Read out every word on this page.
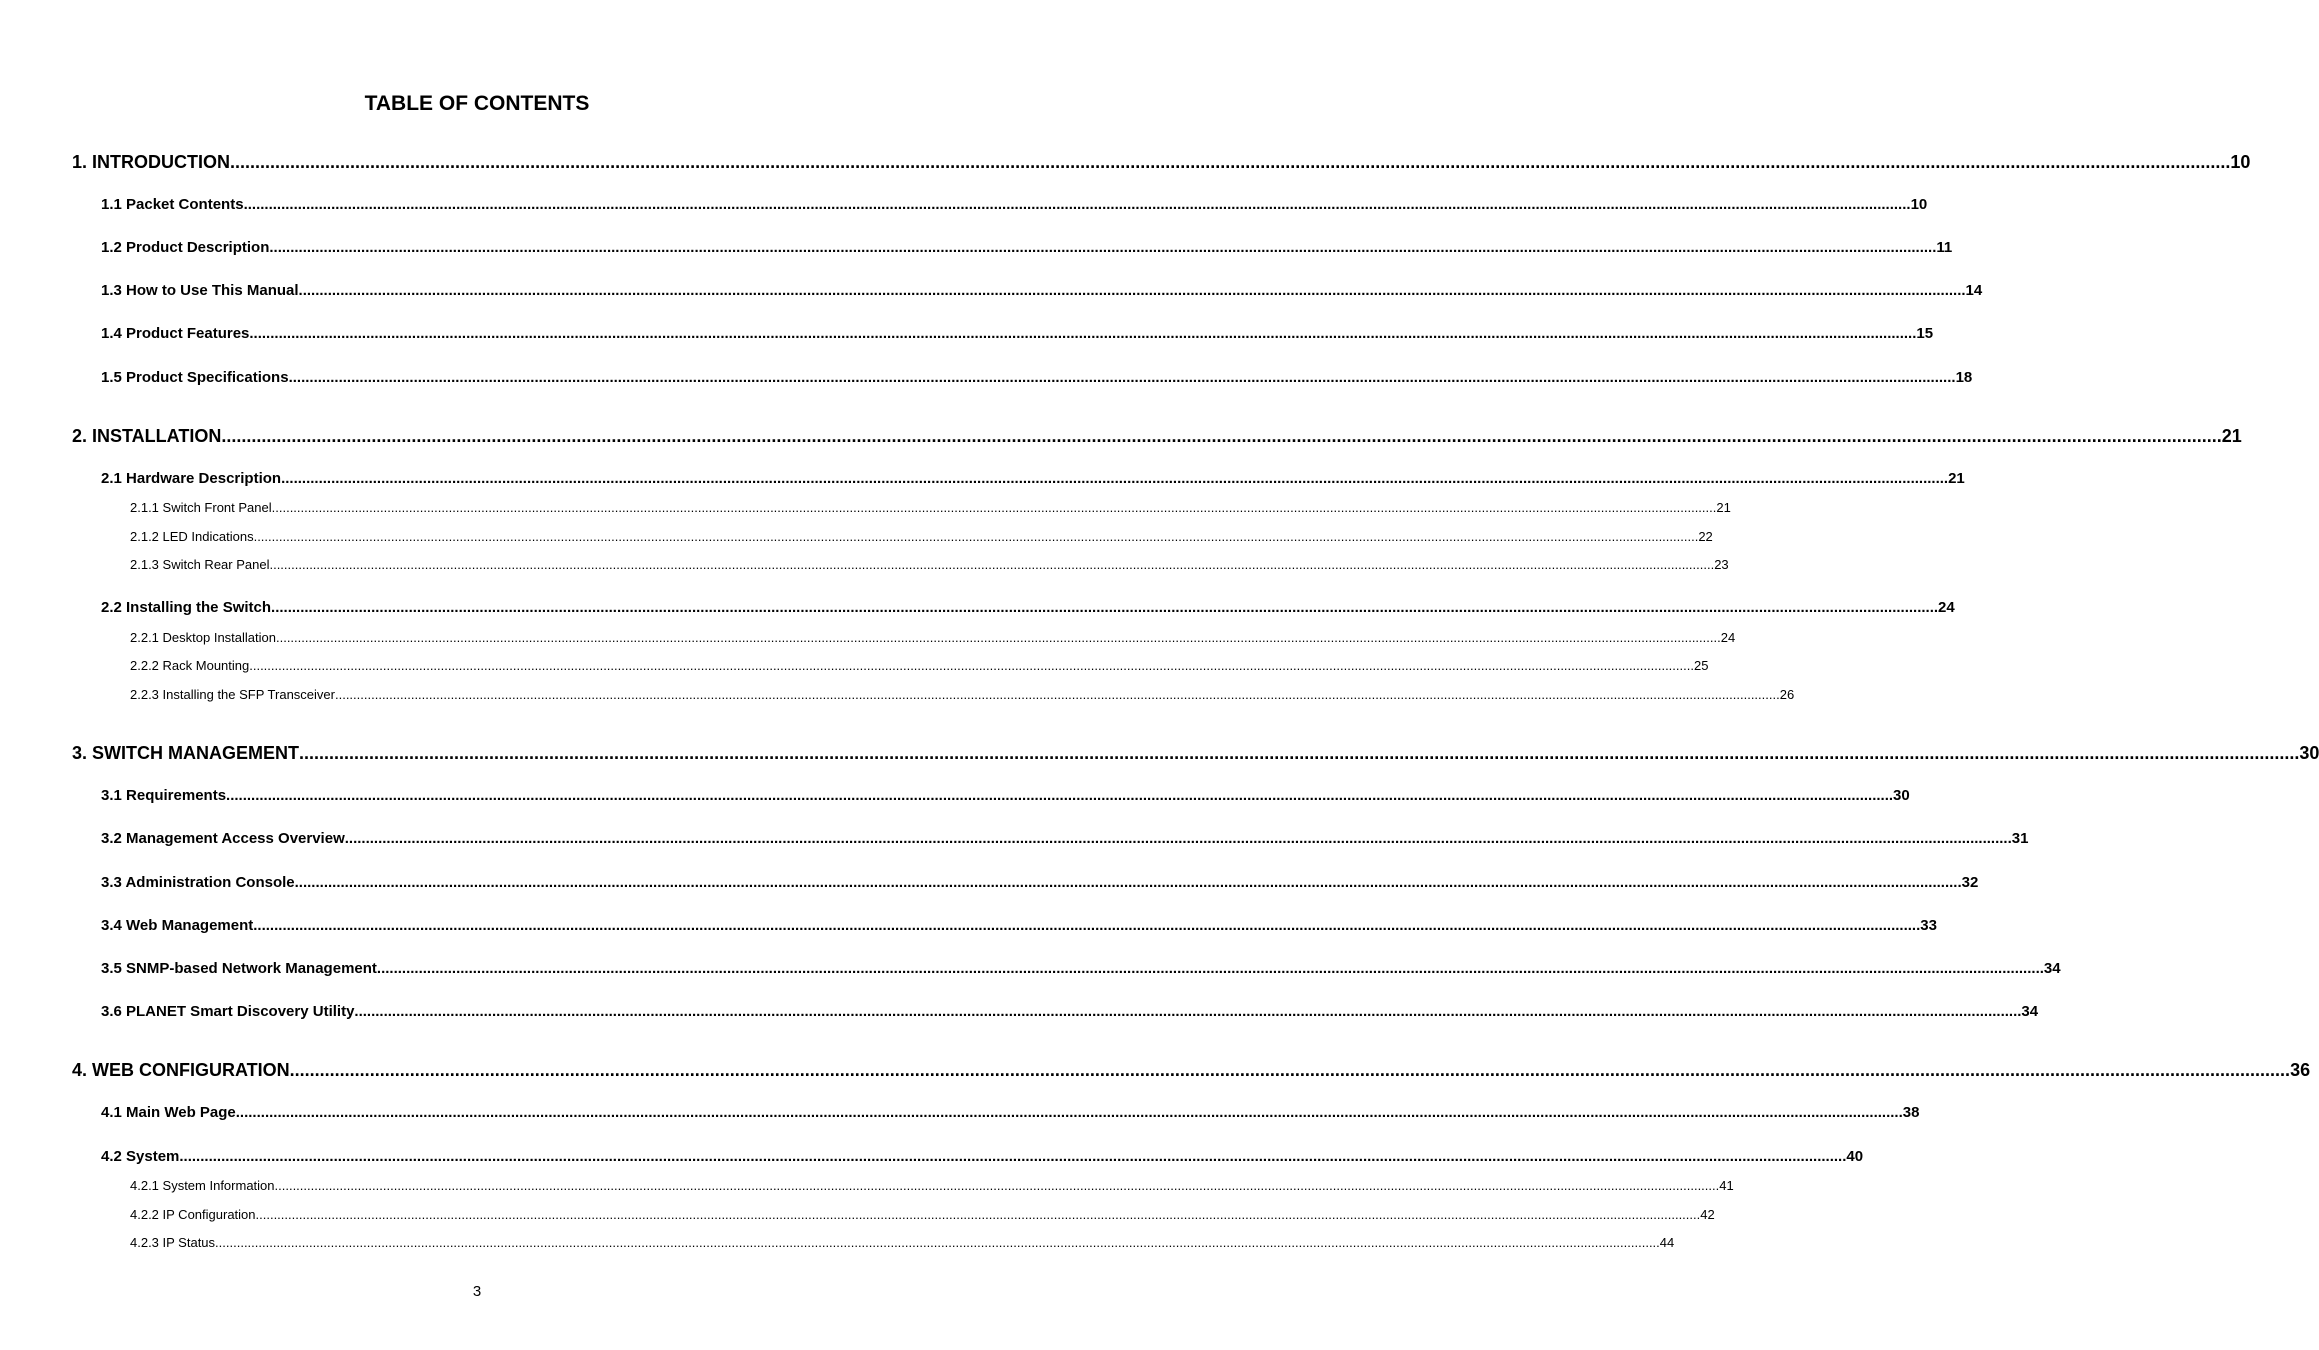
TABLE OF CONTENTS
1. INTRODUCTION ................................................................................................................................................................................................................................................................................................................................................................................................................ 10
1.1 Packet Contents ................................................................................................................................................................................................................................................................................................................................................................................................................ 10
1.2 Product Description ................................................................................................................................................................................................................................................................................................................................................................................................................ 11
1.3 How to Use This Manual ................................................................................................................................................................................................................................................................................................................................................................................................................ 14
1.4 Product Features ................................................................................................................................................................................................................................................................................................................................................................................................................ 15
1.5 Product Specifications ................................................................................................................................................................................................................................................................................................................................................................................................................ 18
2. INSTALLATION ................................................................................................................................................................................................................................................................................................................................................................................................................ 21
2.1 Hardware Description ................................................................................................................................................................................................................................................................................................................................................................................................................ 21
2.1.1 Switch Front Panel ................................................................................................................................................................................................................................................................................................................................................................................................................ 21
2.1.2 LED Indications ................................................................................................................................................................................................................................................................................................................................................................................................................ 22
2.1.3 Switch Rear Panel ................................................................................................................................................................................................................................................................................................................................................................................................................ 23
2.2 Installing the Switch ................................................................................................................................................................................................................................................................................................................................................................................................................ 24
2.2.1 Desktop Installation ................................................................................................................................................................................................................................................................................................................................................................................................................ 24
2.2.2 Rack Mounting ................................................................................................................................................................................................................................................................................................................................................................................................................ 25
2.2.3 Installing the SFP Transceiver ................................................................................................................................................................................................................................................................................................................................................................................................................ 26
3. SWITCH MANAGEMENT ................................................................................................................................................................................................................................................................................................................................................................................................................ 30
3.1 Requirements ................................................................................................................................................................................................................................................................................................................................................................................................................ 30
3.2 Management Access Overview ................................................................................................................................................................................................................................................................................................................................................................................................................ 31
3.3 Administration Console ................................................................................................................................................................................................................................................................................................................................................................................................................ 32
3.4 Web Management ................................................................................................................................................................................................................................................................................................................................................................................................................ 33
3.5 SNMP-based Network Management ................................................................................................................................................................................................................................................................................................................................................................................................................ 34
3.6 PLANET Smart Discovery Utility ................................................................................................................................................................................................................................................................................................................................................................................................................ 34
4. WEB CONFIGURATION ................................................................................................................................................................................................................................................................................................................................................................................................................ 36
4.1 Main Web Page ................................................................................................................................................................................................................................................................................................................................................................................................................ 38
4.2 System ................................................................................................................................................................................................................................................................................................................................................................................................................ 40
4.2.1 System Information ................................................................................................................................................................................................................................................................................................................................................................................................................ 41
4.2.2 IP Configuration ................................................................................................................................................................................................................................................................................................................................................................................................................ 42
4.2.3 IP Status ................................................................................................................................................................................................................................................................................................................................................................................................................ 44
3
